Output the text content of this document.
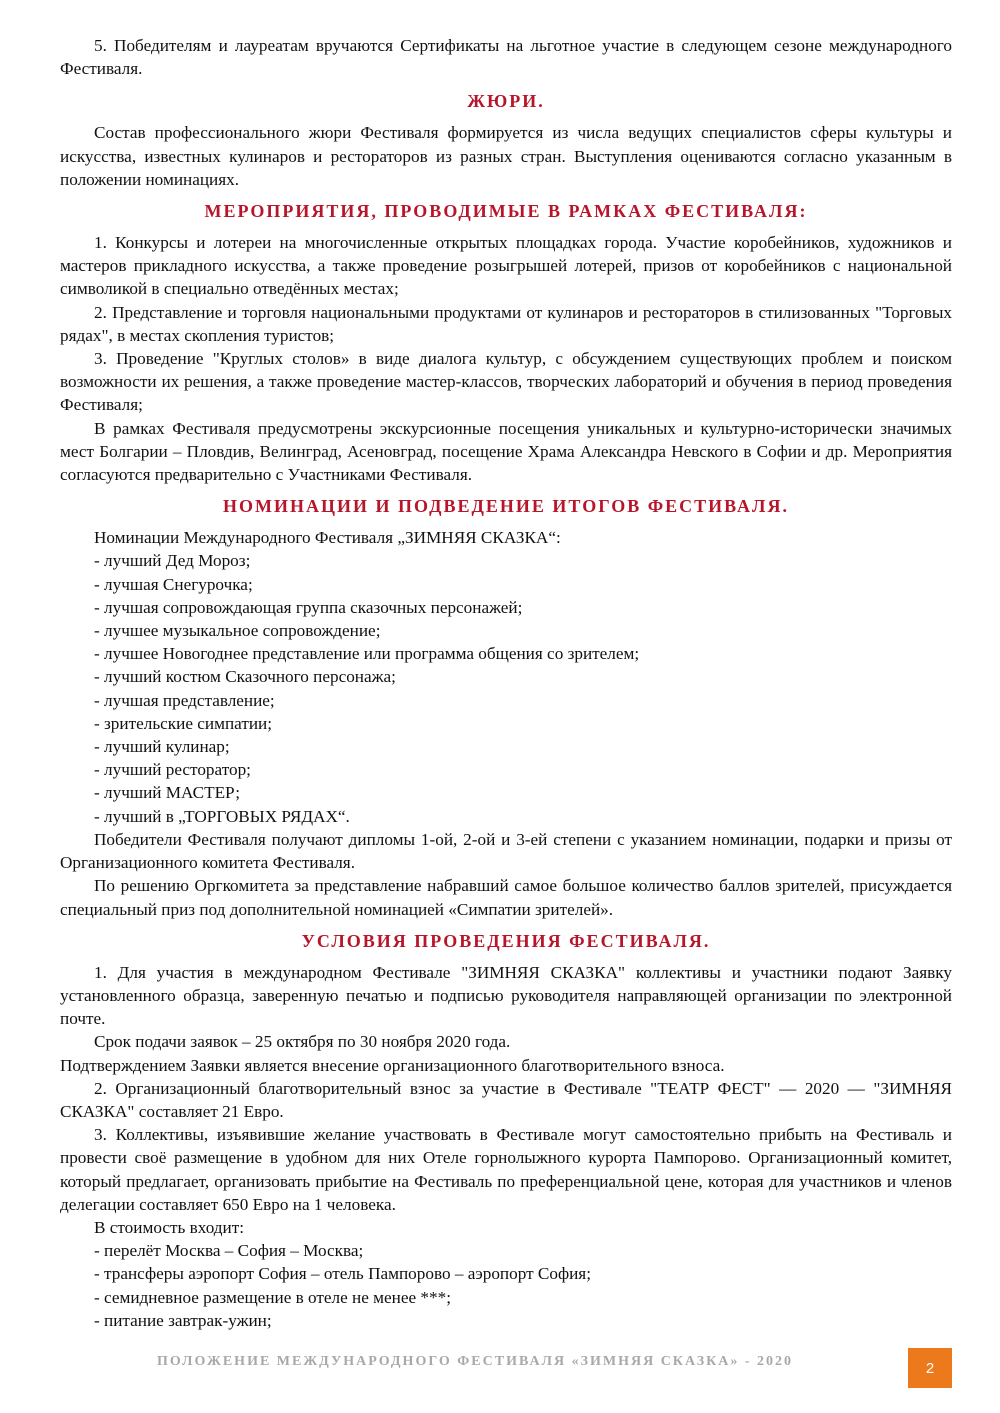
5. Победителям и лауреатам вручаются Сертификаты на льготное участие в следующем сезоне международного Фестиваля.

ЖЮРИ.

Состав профессионального жюри Фестиваля формируется из числа ведущих специалистов сферы культуры и искусства, известных кулинаров и рестораторов из разных стран. Выступления оцениваются согласно указанным в положении номинациях.

МЕРОПРИЯТИЯ, ПРОВОДИМЫЕ В РАМКАХ ФЕСТИВАЛЯ:

1. Конкурсы и лотереи на многочисленные открытых площадках города. Участие коробейников, художников и мастеров прикладного искусства, а также проведение розыгрышей лотерей, призов от коробейников с национальной символикой в специально отведённых местах;

2. Представление и торговля национальными продуктами от кулинаров и рестораторов в стилизованных "Торговых рядах", в местах скопления туристов;

3. Проведение "Круглых столов» в виде диалога культур, с обсуждением существующих проблем и поиском возможности их решения, а также проведение мастер-классов, творческих лабораторий и обучения в период проведения Фестиваля;

В рамках Фестиваля предусмотрены экскурсионные посещения уникальных и культурно-исторически значимых мест Болгарии – Пловдив, Велинград, Асеновград, посещение Храма Александра Невского в Софии и др. Мероприятия согласуются предварительно с Участниками Фестиваля.

НОМИНАЦИИ И ПОДВЕДЕНИЕ ИТОГОВ ФЕСТИВАЛЯ.

Номинации Международного Фестиваля „ЗИМНЯЯ СКАЗКА“:

- лучший Дед Мороз;

- лучшая Снегурочка;

- лучшая сопровождающая группа сказочных персонажей;

- лучшее музыкальное сопровождение;

- лучшее Новогоднее представление или программа общения со зрителем;

- лучший костюм Сказочного персонажа;

- лучшая представление;

- зрительские симпатии;

- лучший кулинар;

- лучший ресторатор;

- лучший МАСТЕР;

- лучший в „ТОРГОВЫХ РЯДАХ“.

Победители Фестиваля получают дипломы 1-ой, 2-ой и 3-ей степени с указанием номинации, подарки и призы от Организационного комитета Фестиваля.

По решению Оргкомитета за представление набравший самое большое количество баллов зрителей, присуждается специальный приз под дополнительной номинацией «Симпатии зрителей».

УСЛОВИЯ ПРОВЕДЕНИЯ ФЕСТИВАЛЯ.

1. Для участия в международном Фестивале "ЗИМНЯЯ СКАЗКА" коллективы и участники подают Заявку установленного образца, заверенную печатью и подписью руководителя направляющей организации по электронной почте.

Срок подачи заявок – 25 октября по 30 ноября 2020 года.

Подтверждением Заявки является внесение организационного благотворительного взноса.

2. Организационный благотворительный взнос за участие в Фестивале "ТЕАТР ФЕСТ" — 2020 — "ЗИМНЯЯ СКАЗКА" составляет 21 Евро.

3. Коллективы, изъявившие желание участвовать в Фестивале могут самостоятельно прибыть на Фестиваль и провести своё размещение в удобном для них Отеле горнолыжного курорта Пампорово. Организационный комитет, который предлагает, организовать прибытие на Фестиваль по преференциальной цене, которая для участников и членов делегации составляет 650 Евро на 1 человека.

В стоимость входит:

- перелёт Москва – София – Москва;

- трансферы аэропорт София – отель Пампорово – аэропорт София;

- семидневное размещение в отеле не менее ***;

- питание завтрак-ужин;

ПОЛОЖЕНИЕ МЕЖДУНАРОДНОГО ФЕСТИВАЛЯ «ЗИМНЯЯ СКАЗКА» - 2020	2
